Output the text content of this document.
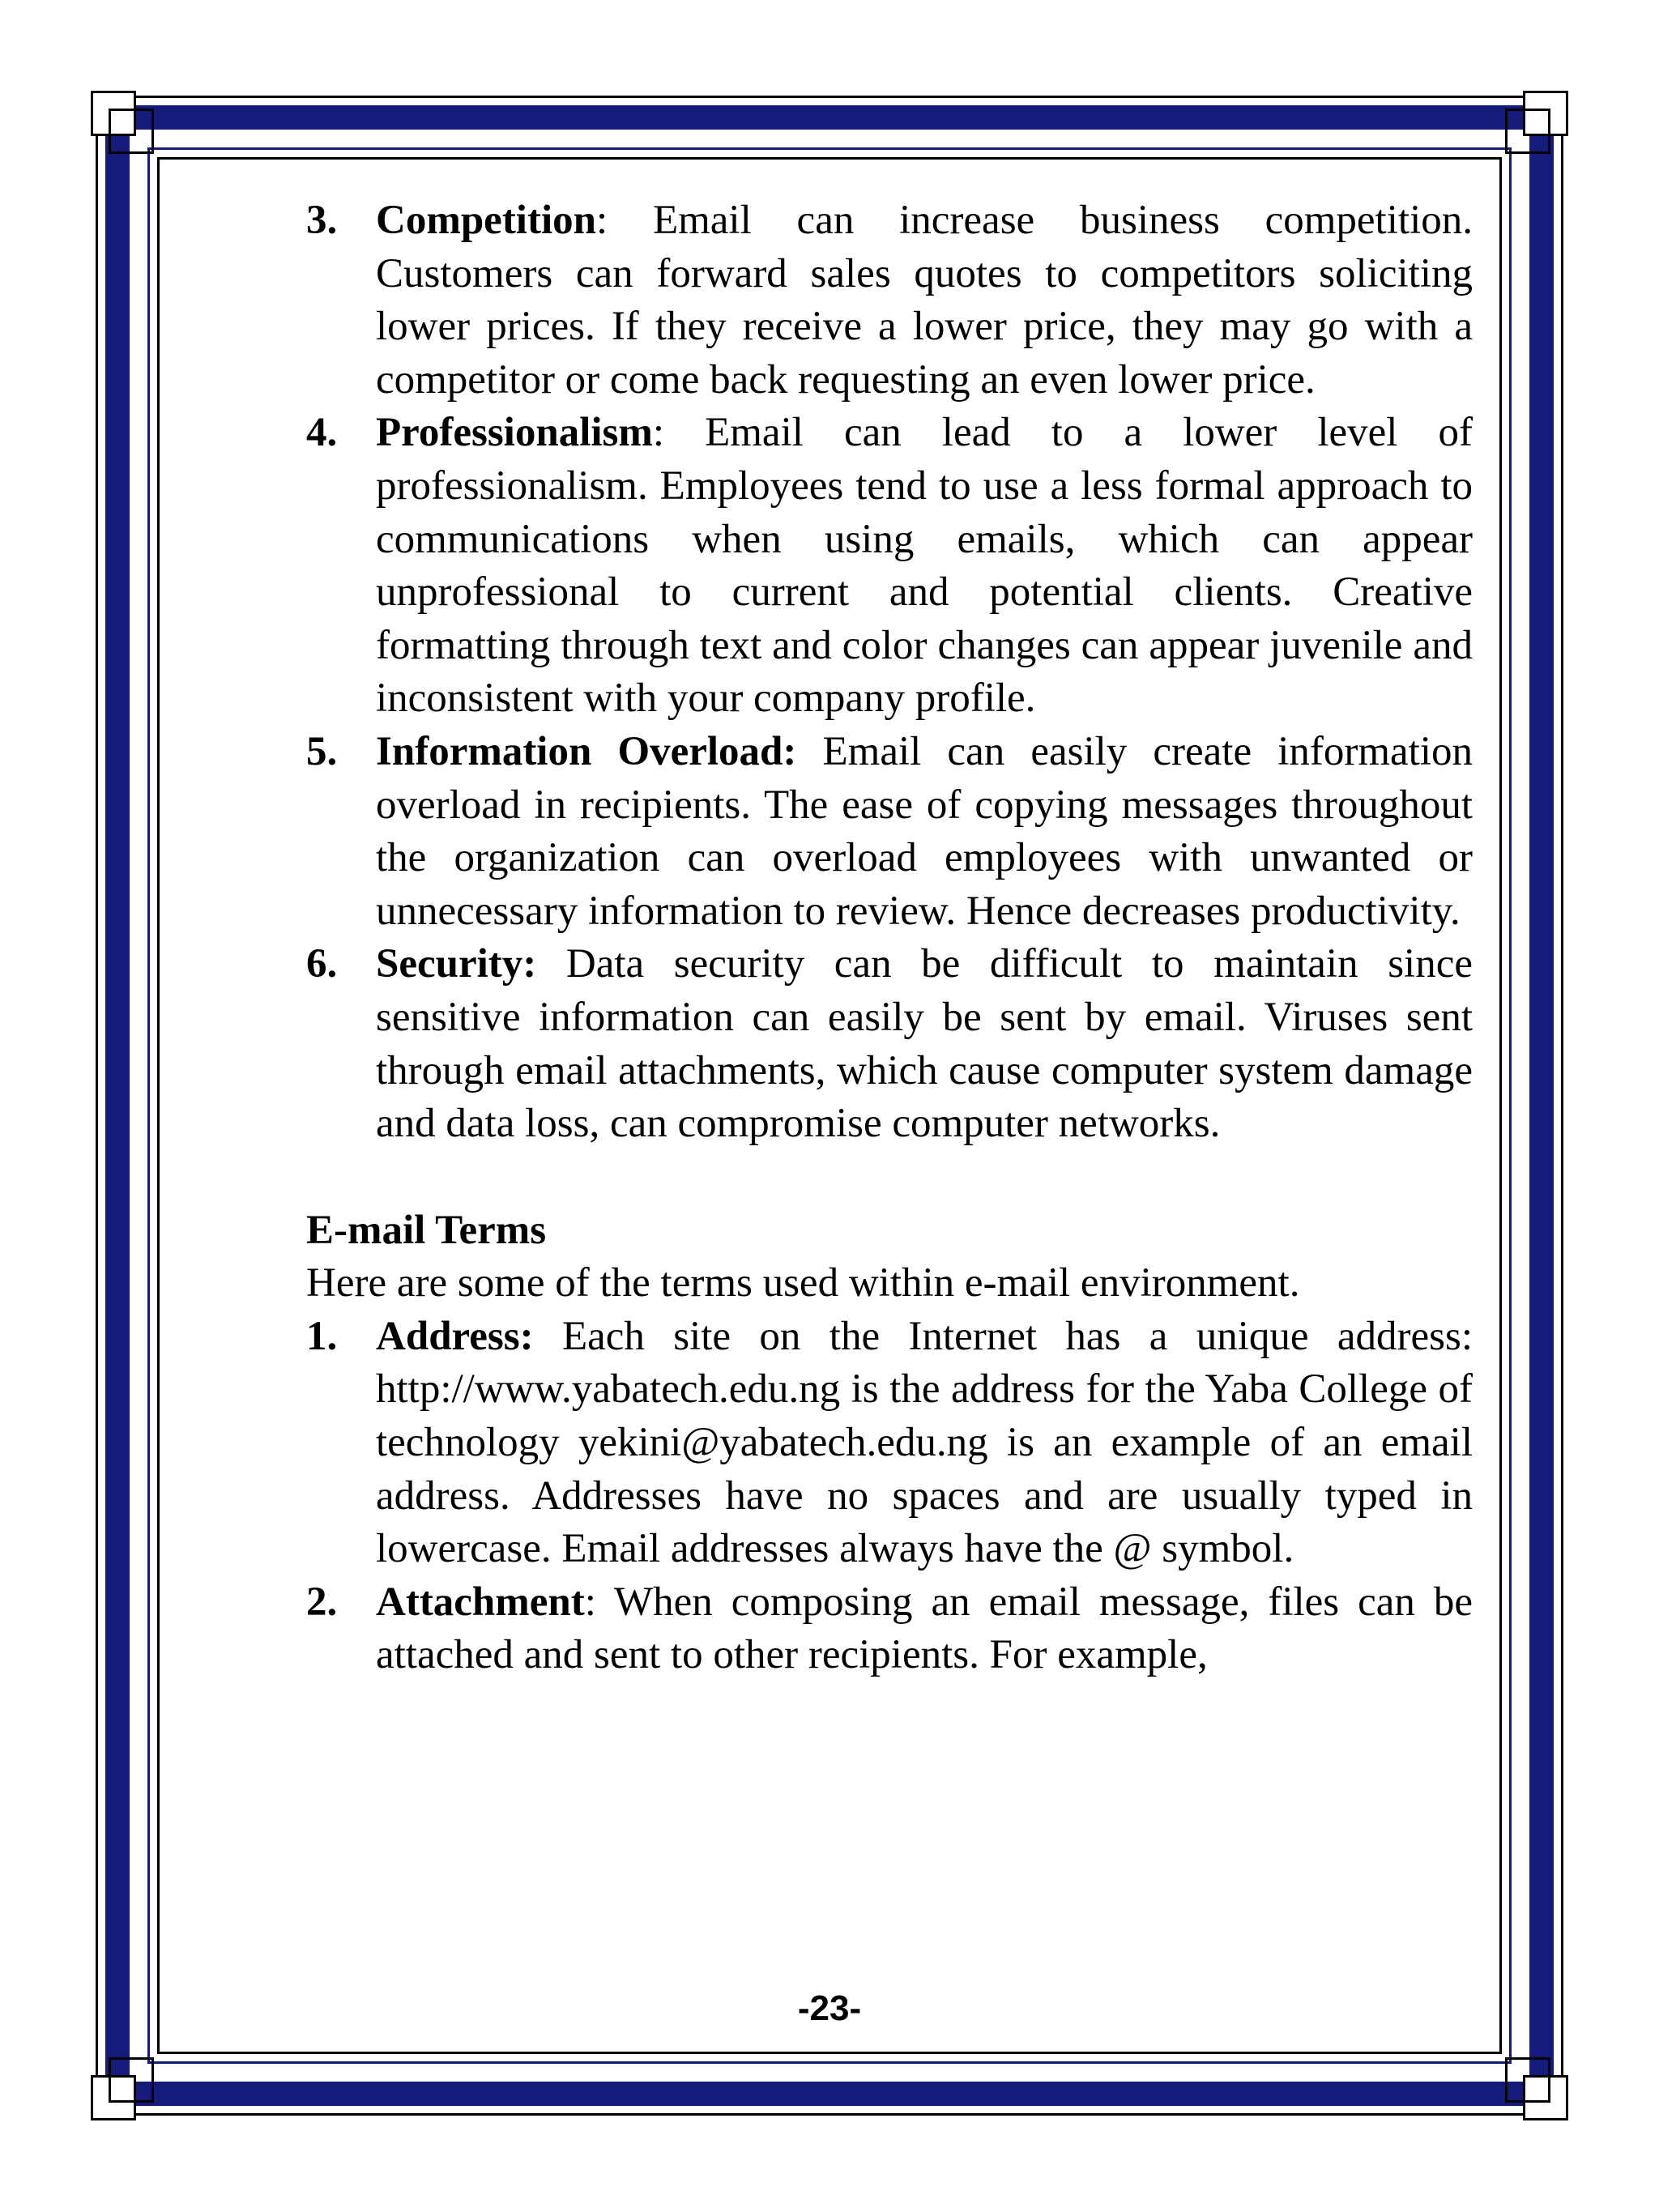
3. Competition: Email can increase business competition. Customers can forward sales quotes to competitors soliciting lower prices. If they receive a lower price, they may go with a competitor or come back requesting an even lower price.
4. Professionalism: Email can lead to a lower level of professionalism. Employees tend to use a less formal approach to communications when using emails, which can appear unprofessional to current and potential clients. Creative formatting through text and color changes can appear juvenile and inconsistent with your company profile.
5. Information Overload: Email can easily create information overload in recipients. The ease of copying messages throughout the organization can overload employees with unwanted or unnecessary information to review. Hence decreases productivity.
6. Security: Data security can be difficult to maintain since sensitive information can easily be sent by email. Viruses sent through email attachments, which cause computer system damage and data loss, can compromise computer networks.
E-mail Terms

Here are some of the terms used within e-mail environment.

1. Address: Each site on the Internet has a unique address: http://www.yabatech.edu.ng is the address for the Yaba College of technology yekini@yabatech.edu.ng is an example of an email address. Addresses have no spaces and are usually typed in lowercase. Email addresses always have the @ symbol.
2. Attachment: When composing an email message, files can be attached and sent to other recipients. For example,
-23-
